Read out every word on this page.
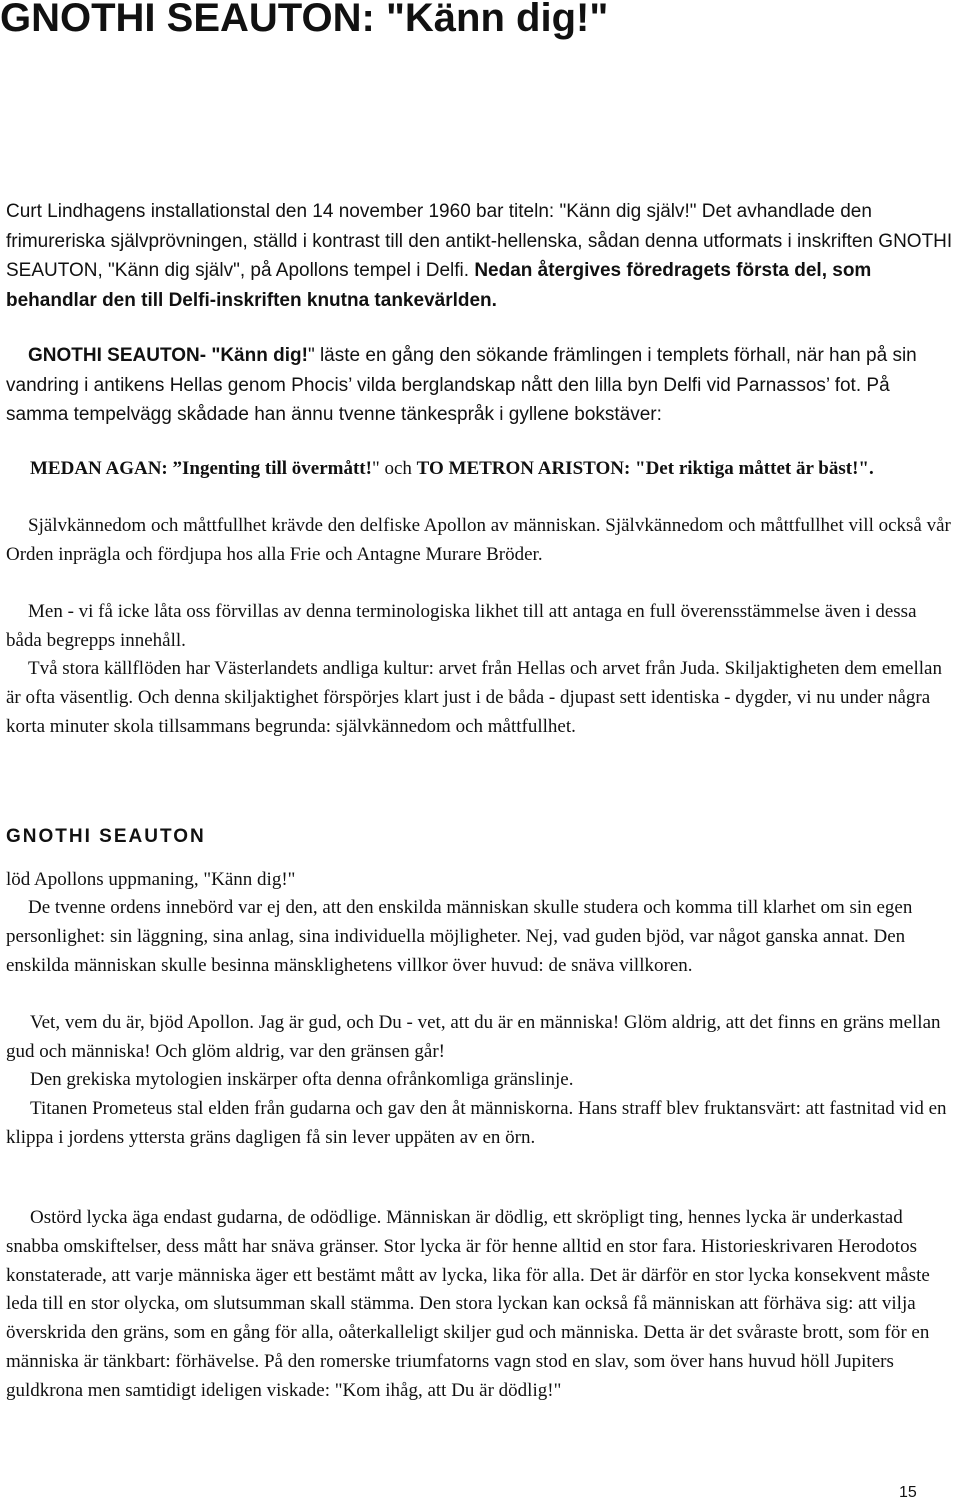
GNOTHI SEAUTON: "Känn dig!"

Curt Lindhagens installationstal den 14 november 1960 bar titeln: "Känn dig själv!" Det avhandlade den frimureriska självprövningen, ställd i kontrast till den antikt-hellenska, sådan denna utformats i inskriften GNOTHI SEAUTON, "Känn dig själv", på Apollons tempel i Delfi. Nedan återgives föredragets första del, som behandlar den till Delfi-inskriften knutna tankevärlden.

GNOTHI SEAUTON- "Känn dig!" läste en gång den sökande främlingen i templets förhall, när han på sin vandring i antikens Hellas genom Phocis’ vilda berglandskap nått den lilla byn Delfi vid Parnassos’ fot. På samma tempelvägg skådade han ännu tvenne tänkespråk i gyllene bokstäver:

MEDAN AGAN: ”Ingenting till övermått!" och TO METRON ARISTON: "Det riktiga måttet är bäst!".

Självkännedom och måttfullhet krävde den delfiske Apollon av människan. Självkännedom och måttfullhet vill också vår Orden inprägla och fördjupa hos alla Frie och Antagne Murare Bröder.

Men - vi få icke låta oss förvillas av denna terminologiska likhet till att antaga en full överensstämmelse även i dessa båda begrepps innehåll.

Två stora källflöden har Västerlandets andliga kultur: arvet från Hellas och arvet från Juda. Skiljaktigheten dem emellan är ofta väsentlig. Och denna skiljaktighet förspörjes klart just i de båda - djupast sett identiska - dygder, vi nu under några korta minuter skola tillsammans begrunda: självkännedom och måttfullhet.

GNOTHI SEAUTON

löd Apollons uppmaning, "Känn dig!"

De tvenne ordens innebörd var ej den, att den enskilda människan skulle studera och komma till klarhet om sin egen personlighet: sin läggning, sina anlag, sina individuella möjligheter. Nej, vad guden bjöd, var något ganska annat. Den enskilda människan skulle besinna mänsklighetens villkor över huvud: de snäva villkoren.

Vet, vem du är, bjöd Apollon. Jag är gud, och Du - vet, att du är en människa! Glöm aldrig, att det finns en gräns mellan gud och människa! Och glöm aldrig, var den gränsen går!

Den grekiska mytologien inskärper ofta denna ofrånkomliga gränslinje.

Titanen Prometeus stal elden från gudarna och gav den åt människorna. Hans straff blev fruktansvärt: att fastnitad vid en klippa i jordens yttersta gräns dagligen få sin lever uppäten av en örn.

Ostörd lycka äga endast gudarna, de odödlige. Människan är dödlig, ett skröpligt ting, hennes lycka är underkastad snabba omskiftelser, dess mått har snäva gränser. Stor lycka är för henne alltid en stor fara. Historieskrivaren Herodotos konstaterade, att varje människa äger ett bestämt mått av lycka, lika för alla. Det är därför en stor lycka konsekvent måste leda till en stor olycka, om slutsumman skall stämma. Den stora lyckan kan också få människan att förhäva sig: att vilja överskrida den gräns, som en gång för alla, oåterkalleligt skiljer gud och människa. Detta är det svåraste brott, som för en människa är tänkbart: förhävelse. På den romerske triumfatorns vagn stod en slav, som över hans huvud höll Jupiters guldkrona men samtidigt ideligen viskade: "Kom ihåg, att Du är dödlig!"

15
